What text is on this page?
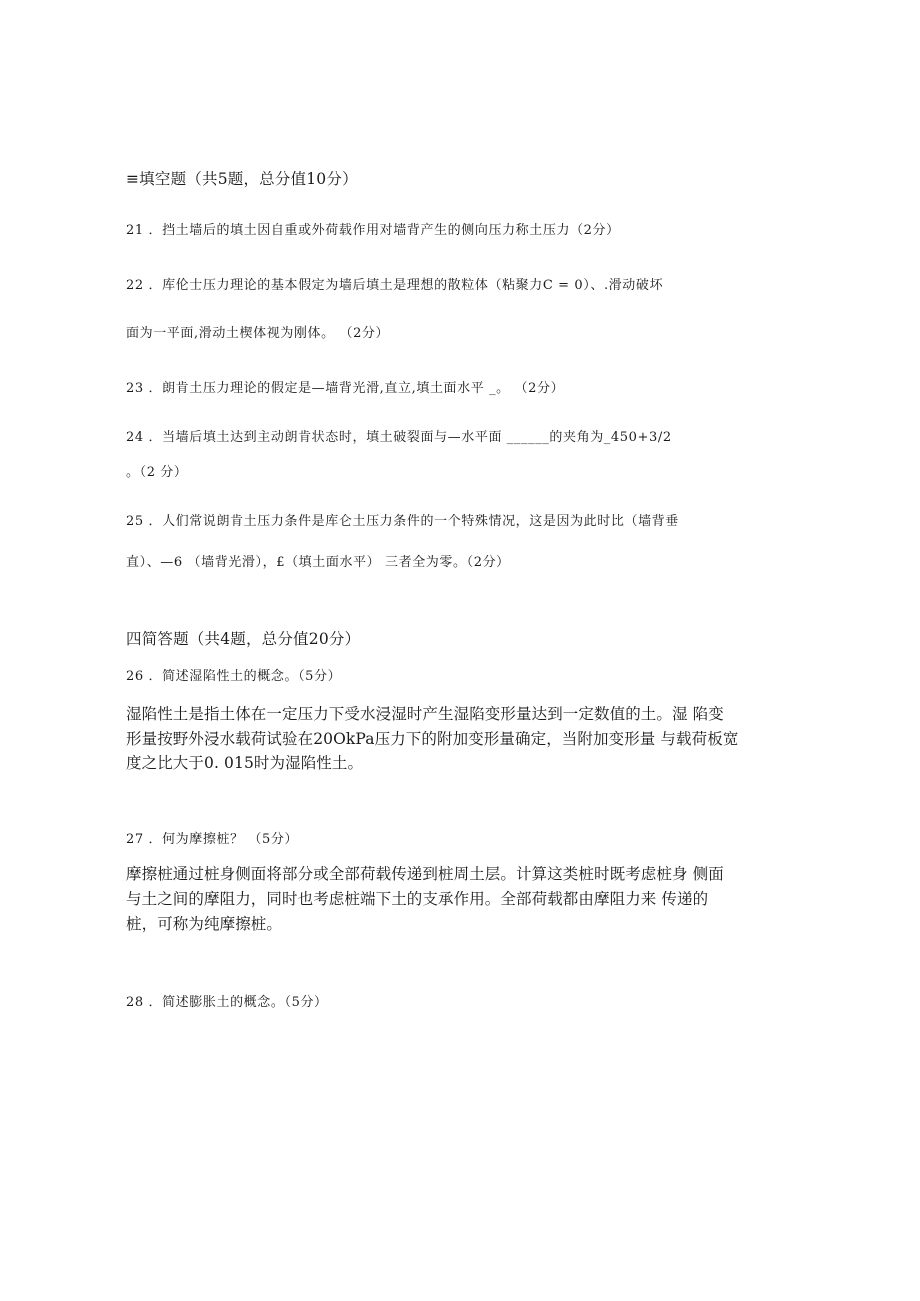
≡填空题（共5题，总分值10分）
21 ．挡土墙后的填土因自重或外荷载作用对墙背产生的侧向压力称土压力（2分）
22 ．库伦士压力理论的基本假定为墙后填土是理想的散粒体（粘聚力C = 0）、.滑动破坏
面为一平面,滑动土楔体视为刚体。 （2分）
23 ．朗肯土压力理论的假定是—墙背光滑,直立,填土面水平 _。 （2分）
24 ．当墙后填土达到主动朗肯状态时，填土破裂面与—水平面 ______的夹角为_450+3/2
。（2 分）
25 ．人们常说朗肯土压力条件是库仑土压力条件的一个特殊情况，这是因为此时比（墙背垂
直）、—6 （墙背光滑），£（填土面水平） 三者全为零。（2分）
四简答题（共4题，总分值20分）
26 ．简述湿陷性土的概念。（5分）
湿陷性土是指土体在一定压力下受水浸湿时产生湿陷变形量达到一定数值的土。湿 陷变
形量按野外浸水载荷试验在20OkPa压力下的附加变形量确定，当附加变形量 与载荷板宽
度之比大于0. 015时为湿陷性土。
27 ．何为摩擦桩？ （5分）
摩擦桩通过桩身侧面将部分或全部荷载传递到桩周土层。计算这类桩时既考虑桩身 侧面
与土之间的摩阻力，同时也考虑桩端下土的支承作用。全部荷载都由摩阻力来 传递的
桩，可称为纯摩擦桩。
28 ．简述膨胀土的概念。（5分）
